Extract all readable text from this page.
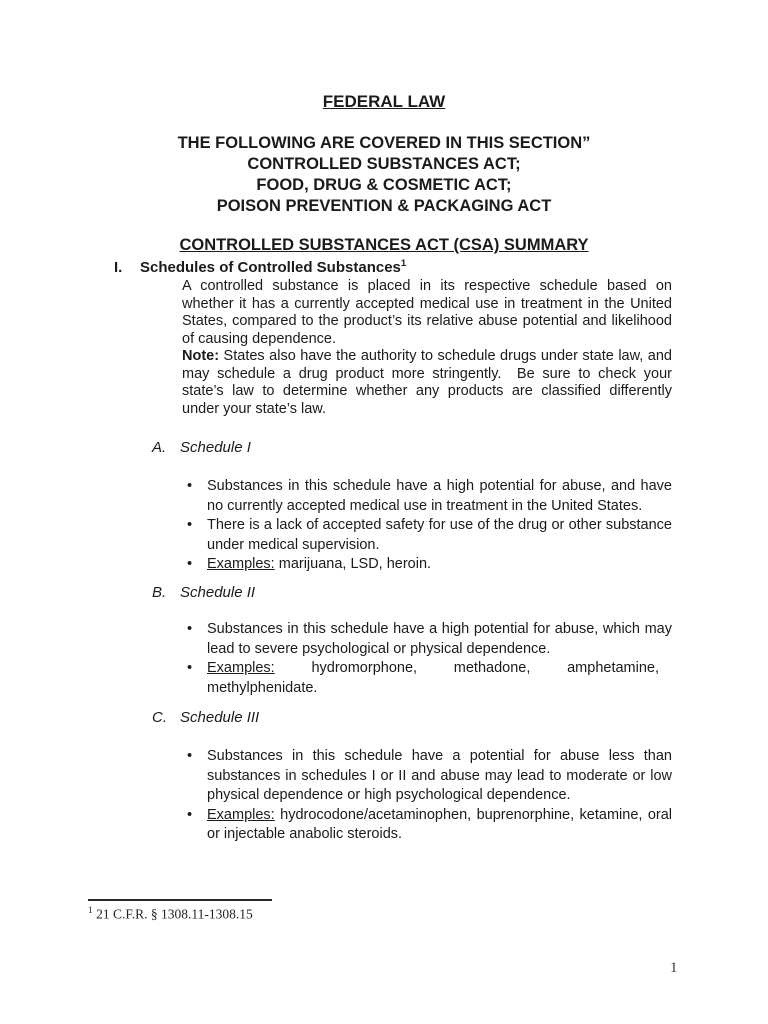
FEDERAL LAW
THE FOLLOWING ARE COVERED IN THIS SECTION”
CONTROLLED SUBSTANCES ACT;
FOOD, DRUG & COSMETIC ACT;
POISON PREVENTION & PACKAGING ACT
CONTROLLED SUBSTANCES ACT (CSA) SUMMARY
I. Schedules of Controlled Substances$^1$

A controlled substance is placed in its respective schedule based on whether it has a currently accepted medical use in treatment in the United States, compared to the product’s its relative abuse potential and likelihood of causing dependence.

Note: States also have the authority to schedule drugs under state law, and may schedule a drug product more stringently.  Be sure to check your state’s law to determine whether any products are classified differently under your state’s law.

A. Schedule I
•	Substances in this schedule have a high potential for abuse, and have no currently accepted medical use in treatment in the United States.
•	There is a lack of accepted safety for use of the drug or other substance under medical supervision.
•	Examples: marijuana, LSD, heroin.
B. Schedule II
•	Substances in this schedule have a high potential for abuse, which may lead to severe psychological or physical dependence.
•	Examples:	hydromorphone, methadone, amphetamine, methylphenidate.
C. Schedule III
•	Substances in this schedule have a potential for abuse less than substances in schedules I or II and abuse may lead to moderate or low physical dependence or high psychological dependence.
•	Examples: hydrocodone/acetaminophen, buprenorphine, ketamine, oral or injectable anabolic steroids.
$^1$ 21 C.F.R. § 1308.11-1308.15
1
